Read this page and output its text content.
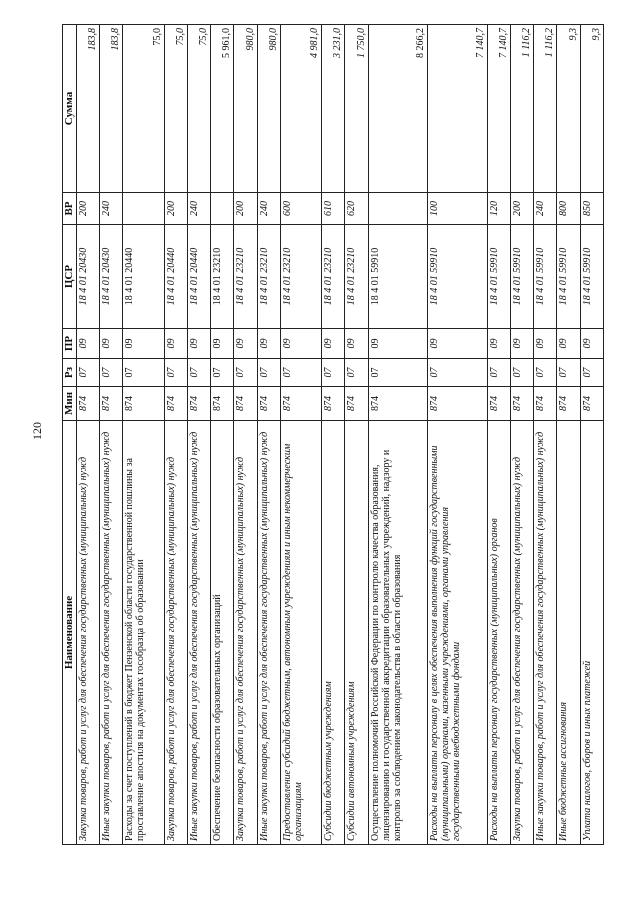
120
Наименование	Мин	Рз	ПР	ЦСР	ВР	Сумма
Закупка товаров, работ и услуг для обеспечения государственных (муниципальных) нужд	874	07	09	18 4 01 20430	200	183,8
Иные закупки товаров, работ и услуг для обеспечения государственных (муниципальных) нужд	874	07	09	18 4 01 20430	240	183,8
Расходы за счет поступлений в бюджет Пензенской области государственной пошлины за проставление апостиля на документах гособразца об образовании	874	07	09	18 4 01 20440		75,0
Закупка товаров, работ и услуг для обеспечения государственных (муниципальных) нужд	874	07	09	18 4 01 20440	200	75,0
Иные закупки товаров, работ и услуг для обеспечения государственных (муниципальных) нужд	874	07	09	18 4 01 20440	240	75,0
Обеспечение безопасности образовательных организаций	874	07	09	18 4 01 23210		5 961,0
Закупка товаров, работ и услуг для обеспечения государственных (муниципальных) нужд	874	07	09	18 4 01 23210	200	980,0
Иные закупки товаров, работ и услуг для обеспечения государственных (муниципальных) нужд	874	07	09	18 4 01 23210	240	980,0
Предоставление субсидий бюджетным, автономным учреждениям и иным некоммерческим организациям	874	07	09	18 4 01 23210	600	4 981,0
Субсидии бюджетным учреждениям	874	07	09	18 4 01 23210	610	3 231,0
Субсидии автономным учреждениям	874	07	09	18 4 01 23210	620	1 750,0
Осуществление полномочий Российской Федерации по контролю качества образования, лицензированию и государственной аккредитации образовательных учреждений, надзору и контролю за соблюдением законодательства в области образования	874	07	09	18 4 01 59910		8 266,2
Расходы на выплаты персоналу в целях обеспечения выполнения функций государственными (муниципальными) органами, казенными учреждениями, органами управления государственными внебюджетными фондами	874	07	09	18 4 01 59910	100	7 140,7
Расходы на выплаты персоналу государственных (муниципальных) органов	874	07	09	18 4 01 59910	120	7 140,7
Закупка товаров, работ и услуг для обеспечения государственных (муниципальных) нужд	874	07	09	18 4 01 59910	200	1 116,2
Иные закупки товаров, работ и услуг для обеспечения государственных (муниципальных) нужд	874	07	09	18 4 01 59910	240	1 116,2
Иные бюджетные ассигнования	874	07	09	18 4 01 59910	800	9,3
Уплата налогов, сборов и иных платежей	874	07	09	18 4 01 59910	850	9,3
